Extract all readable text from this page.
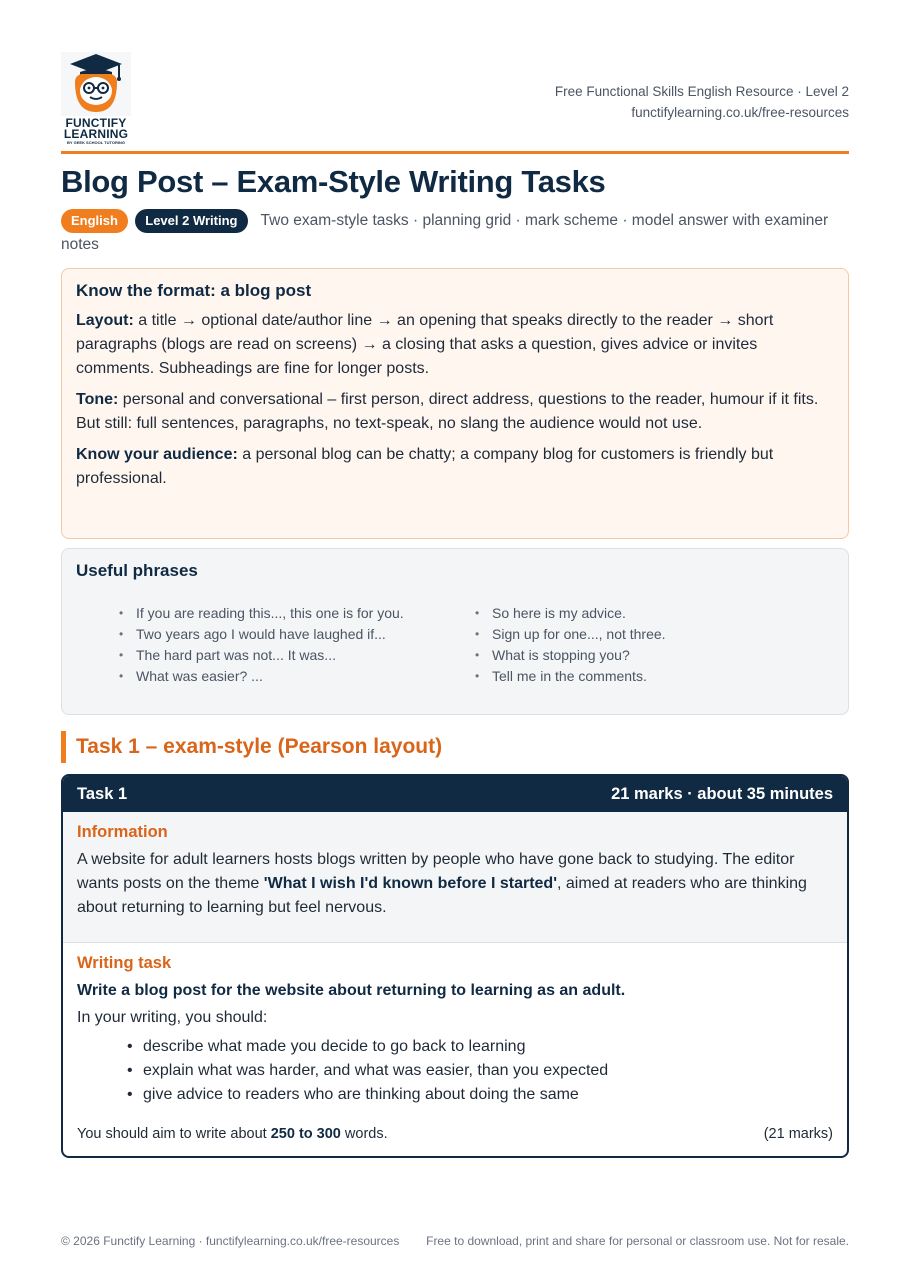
FUNCTIFY
LEARNING
BY GEEK SCHOOL TUTORING
Free Functional Skills English Resource · Level 2
functifylearning.co.uk/free-resources
Blog Post – Exam-Style Writing Tasks
English Level 2 Writing Two exam-style tasks · planning grid · mark scheme · model answer with examiner notes
Know the format: a blog post

Layout: a title → optional date/author line → an opening that speaks directly to the reader → short paragraphs (blogs are read on screens) → a closing that asks a question, gives advice or invites comments. Subheadings are fine for longer posts.

Tone: personal and conversational – first person, direct address, questions to the reader, humour if it fits. But still: full sentences, paragraphs, no text-speak, no slang the audience would not use.

Know your audience: a personal blog can be chatty; a company blog for customers is friendly but professional.

Useful phrases
• If you are reading this..., this one is for you.
• Two years ago I would have laughed if...
• The hard part was not... It was...
• What was easier? ...
• So here is my advice.
• Sign up for one..., not three.
• What is stopping you?
• Tell me in the comments.
Task 1 – exam-style (Pearson layout)
Task 1	21 marks · about 35 minutes
Information

A website for adult learners hosts blogs written by people who have gone back to studying. The editor wants posts on the theme 'What I wish I'd known before I started', aimed at readers who are thinking about returning to learning but feel nervous.

Writing task
Write a blog post for the website about returning to learning as an adult.
In your writing, you should:
• describe what made you decide to go back to learning
• explain what was harder, and what was easier, than you expected
• give advice to readers who are thinking about doing the same
You should aim to write about 250 to 300 words.	(21 marks)
© 2026 Functify Learning · functifylearning.co.uk/free-resources	Free to download, print and share for personal or classroom use. Not for resale.
